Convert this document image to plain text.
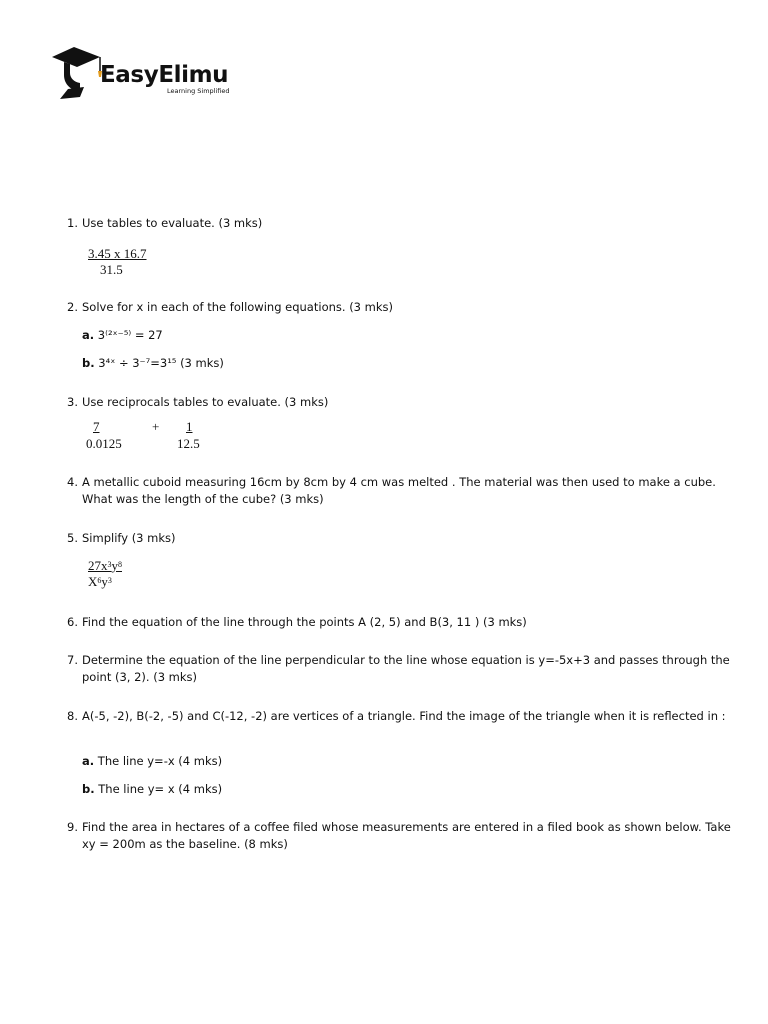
EasyElimu
Learning Simplified
1. Use tables to evaluate. (3 mks)
3.45 x 16.7
31.5
2. Solve for x in each of the following equations. (3 mks)
a. 3⁽²ˣ⁻⁵⁾ = 27
b. 3⁴ˣ ÷ 3⁻⁷=3¹⁵ (3 mks)
3. Use reciprocals tables to evaluate. (3 mks)
7
0.0125
+ 1
12.5
4. A metallic cuboid measuring 16cm by 8cm by 4 cm was melted . The material was then used to make a cube. What was the length of the cube? (3 mks)
5. Simplify (3 mks)
$27x^3y^8$
$X^6y^3$
6. Find the equation of the line through the points A (2, 5) and B(3, 11 ) (3 mks)
7. Determine the equation of the line perpendicular to the line whose equation is y=-5x+3 and passes through the point (3, 2). (3 mks)
8. A(-5, -2), B(-2, -5) and C(-12, -2) are vertices of a triangle. Find the image of the triangle when it is reflected in :
a. The line y=-x (4 mks)
b. The line y= x (4 mks)
9. Find the area in hectares of a coffee filed whose measurements are entered in a filed book as shown below. Take xy = 200m as the baseline. (8 mks)
